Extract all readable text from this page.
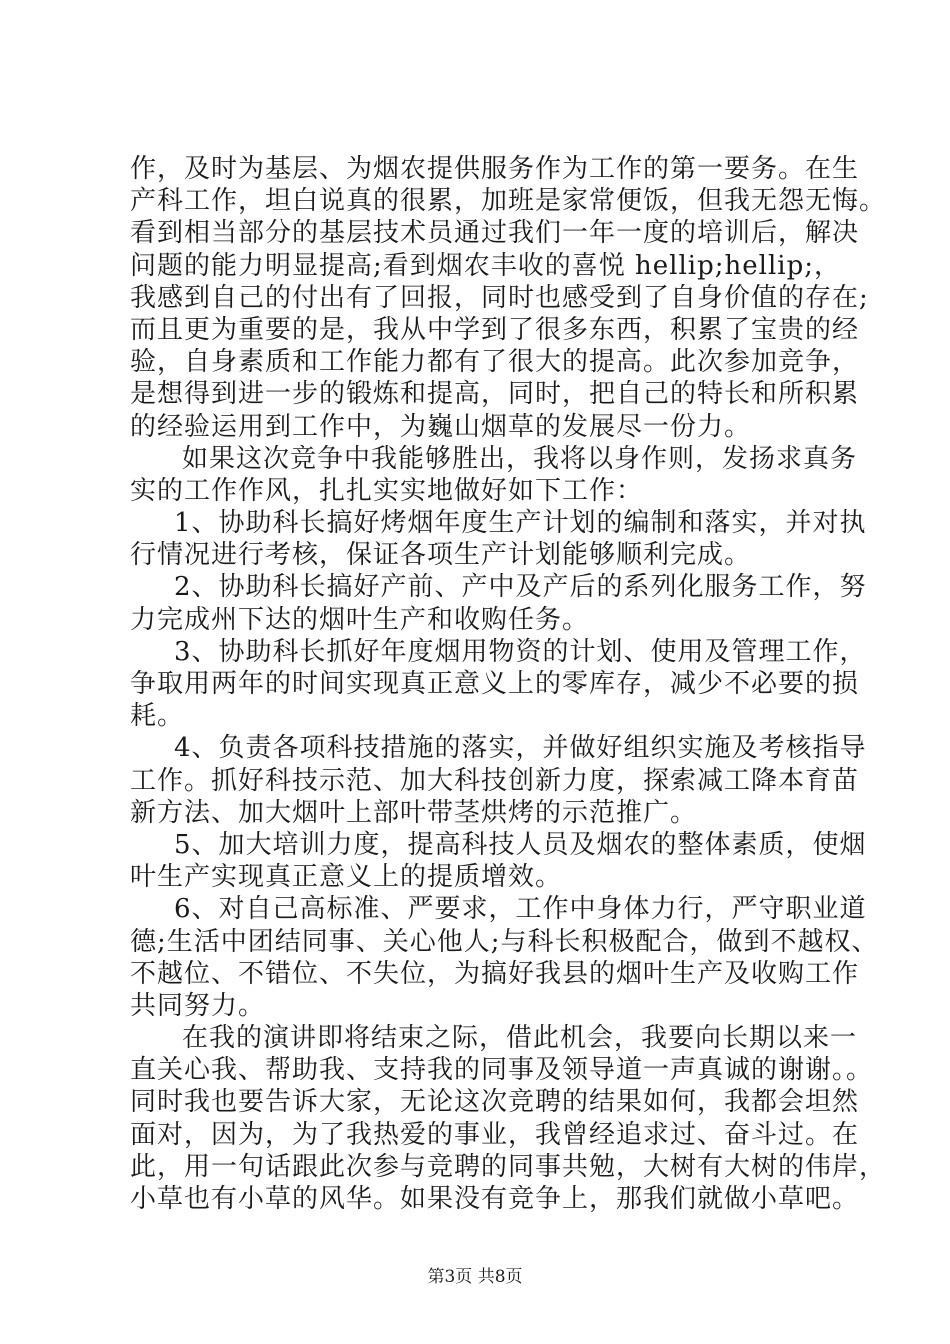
作，及时为基层、为烟农提供服务作为工作的第一要务。在生
产科工作，坦白说真的很累，加班是家常便饭，但我无怨无悔。
看到相当部分的基层技术员通过我们一年一度的培训后，解决
问题的能力明显提高;看到烟农丰收的喜悦 hellip;hellip;，
我感到自己的付出有了回报，同时也感受到了自身价值的存在;
而且更为重要的是，我从中学到了很多东西，积累了宝贵的经
验，自身素质和工作能力都有了很大的提高。此次参加竞争，
是想得到进一步的锻炼和提高，同时，把自己的特长和所积累
的经验运用到工作中，为巍山烟草的发展尽一份力。
如果这次竞争中我能够胜出，我将以身作则，发扬求真务
实的工作作风，扎扎实实地做好如下工作：
1、协助科长搞好烤烟年度生产计划的编制和落实，并对执
行情况进行考核，保证各项生产计划能够顺利完成。
2、协助科长搞好产前、产中及产后的系列化服务工作，努
力完成州下达的烟叶生产和收购任务。
3、协助科长抓好年度烟用物资的计划、使用及管理工作，
争取用两年的时间实现真正意义上的零库存，减少不必要的损
耗。
4、负责各项科技措施的落实，并做好组织实施及考核指导
工作。抓好科技示范、加大科技创新力度，探索减工降本育苗
新方法、加大烟叶上部叶带茎烘烤的示范推广。
5、加大培训力度，提高科技人员及烟农的整体素质，使烟
叶生产实现真正意义上的提质增效。
6、对自己高标准、严要求，工作中身体力行，严守职业道
德;生活中团结同事、关心他人;与科长积极配合，做到不越权、
不越位、不错位、不失位，为搞好我县的烟叶生产及收购工作
共同努力。
在我的演讲即将结束之际，借此机会，我要向长期以来一
直关心我、帮助我、支持我的同事及领导道一声真诚的谢谢。。
同时我也要告诉大家，无论这次竞聘的结果如何，我都会坦然
面对，因为，为了我热爱的事业，我曾经追求过、奋斗过。在
此，用一句话跟此次参与竞聘的同事共勉，大树有大树的伟岸，
小草也有小草的风华。如果没有竞争上，那我们就做小草吧。
第3页 共8页
